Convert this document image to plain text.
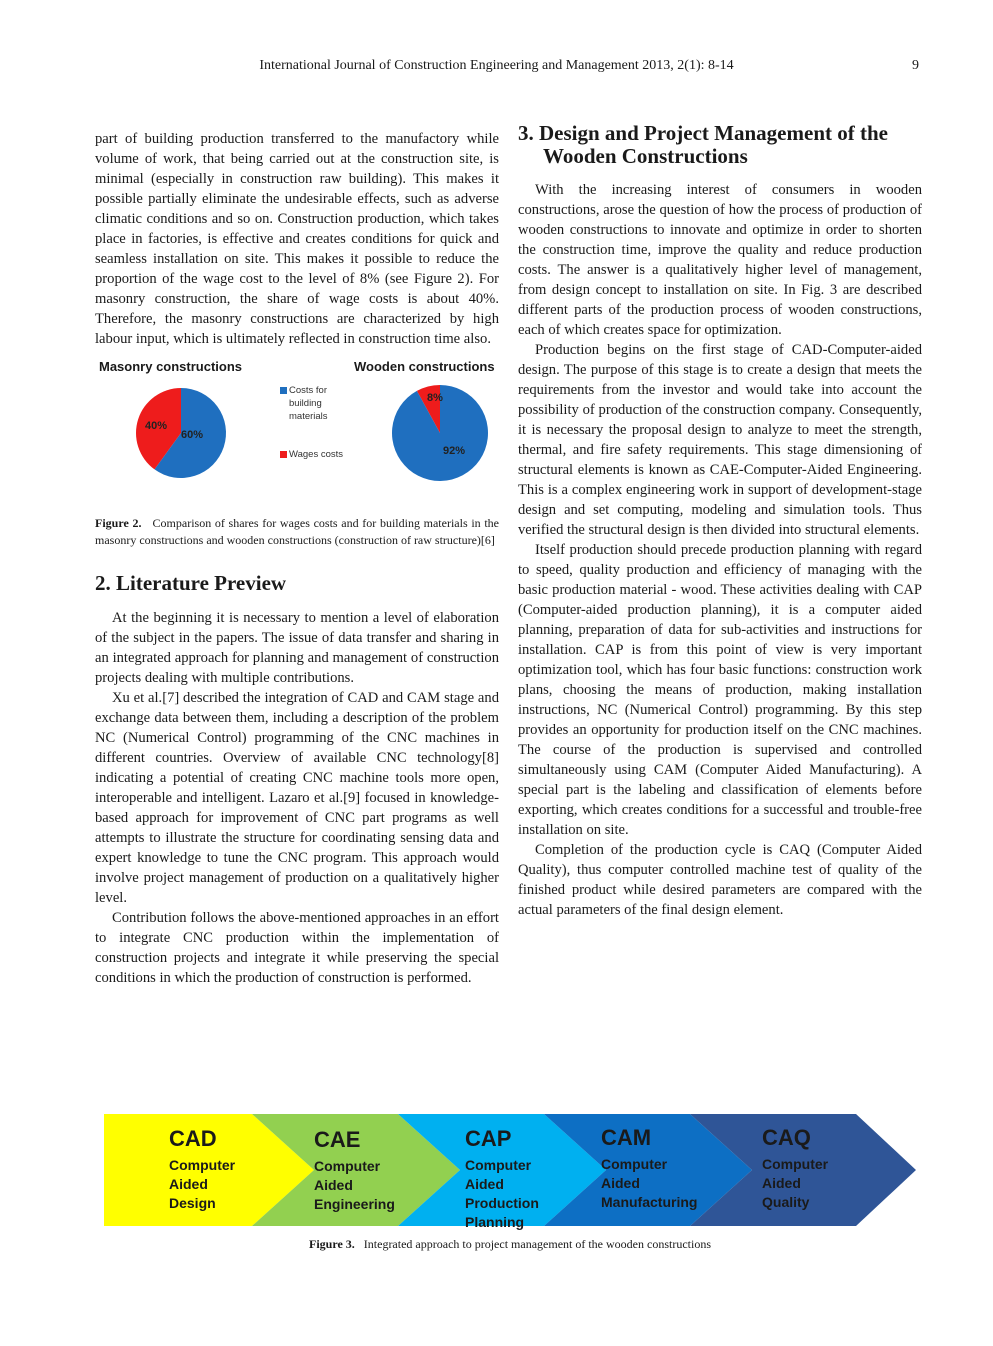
International Journal of Construction Engineering and Management 2013, 2(1): 8-14	9

part of building production transferred to the manufactory while volume of work, that being carried out at the construction site, is minimal (especially in construction raw building). This makes it possible partially eliminate the undesirable effects, such as adverse climatic conditions and so on. Construction production, which takes place in factories, is effective and creates conditions for quick and seamless installation on site. This makes it possible to reduce the proportion of the wage cost to the level of 8% (see Figure 2). For masonry construction, the share of wage costs is about 40%. Therefore, the masonry constructions are characterized by high labour input, which is ultimately reflected in construction time also.

Masonry constructions	Wooden constructions
60%
40%
Costs for building materials
Wages costs	92%
8%
Figure 2. Comparison of shares for wages costs and for building materials in the masonry constructions and wooden constructions (construction of raw structure)[6]
2. Literature Preview

At the beginning it is necessary to mention a level of elaboration of the subject in the papers. The issue of data transfer and sharing in an integrated approach for planning and management of construction projects dealing with multiple contributions.

Xu et al.[7] described the integration of CAD and CAM stage and exchange data between them, including a description of the problem NC (Numerical Control) programming of the CNC machines in different countries. Overview of available CNC technology[8] indicating a potential of creating CNC machine tools more open, interoperable and intelligent. Lazaro et al.[9] focused in knowledge-based approach for improvement of CNC part programs as well attempts to illustrate the structure for coordinating sensing data and expert knowledge to tune the CNC program. This approach would involve project management of production on a qualitatively higher level.

Contribution follows the above-mentioned approaches in an effort to integrate CNC production within the implementation of construction projects and integrate it while preserving the special conditions in which the production of construction is performed.

3. Design and Project Management of the Wooden Constructions

With the increasing interest of consumers in wooden constructions, arose the question of how the process of production of wooden constructions to innovate and optimize in order to shorten the construction time, improve the quality and reduce production costs. The answer is a qualitatively higher level of management, from design concept to installation on site. In Fig. 3 are described different parts of the production process of wooden constructions, each of which creates space for optimization.

Production begins on the first stage of CAD-Computer-aided design. The purpose of this stage is to create a design that meets the requirements from the investor and would take into account the possibility of production of the construction company. Consequently, it is necessary the proposal design to analyze to meet the strength, thermal, and fire safety requirements. This stage dimensioning of structural elements is known as CAE-Computer-Aided Engineering. This is a complex engineering work in support of development-stage design and set computing, modeling and simulation tools. Thus verified the structural design is then divided into structural elements.

Itself production should precede production planning with regard to speed, quality production and efficiency of managing with the basic production material - wood. These activities dealing with CAP (Computer-aided production planning), it is a computer aided planning, preparation of data for sub-activities and instructions for installation. CAP is from this point of view is very important optimization tool, which has four basic functions: construction work plans, choosing the means of production, making installation instructions, NC (Numerical Control) programming. By this step provides an opportunity for production itself on the CNC machines. The course of the production is supervised and controlled simultaneously using CAM (Computer Aided Manufacturing). A special part is the labeling and classification of elements before exporting, which creates conditions for a successful and trouble-free installation on site.

Completion of the production cycle is CAQ (Computer Aided Quality), thus computer controlled machine test of quality of the finished product while desired parameters are compared with the actual parameters of the final design element.

CAD
Computer
Aided
Design
CAE
Computer
Aided
Engineering
CAP
Computer
Aided
Production
Planning
CAM
Computer
Aided
Manufacturing
CAQ
Computer
Aided
Quality
Figure 3. Integrated approach to project management of the wooden constructions
